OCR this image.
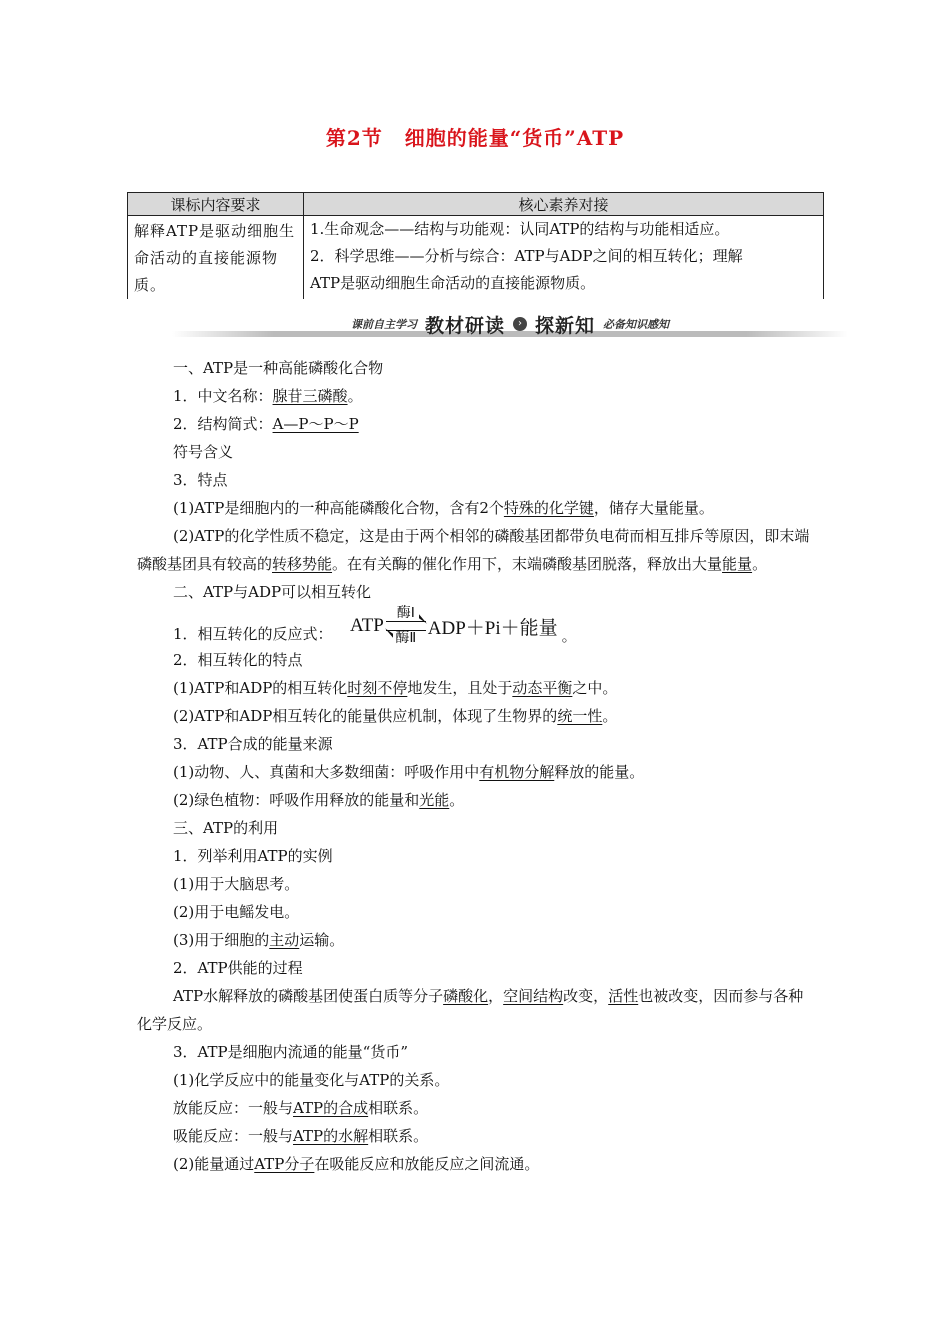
第2节 细胞的能量“货币”ATP
课标内容要求	核心素养对接
解释ATP是驱动细胞生命活动的直接能源物质。	1.生命观念——结构与功能观：认同ATP的结构与功能相适应。
2．科学思维——分析与综合：ATP与ADP之间的相互转化；理解
ATP是驱动细胞生命活动的直接能源物质。
课前自主学习 教材研读	› 探新知 必备知识感知

一、ATP是一种高能磷酸化合物

1．中文名称：腺苷三磷酸。

2．结构简式：A—P～P～P

符号含义

3．特点

(1)ATP是细胞内的一种高能磷酸化合物，含有2个特殊的化学键，储存大量能量。

(2)ATP的化学性质不稳定，这是由于两个相邻的磷酸基团都带负电荷而相互排斥等原因，即末端磷酸基团具有较高的转移势能。在有关酶的催化作用下，末端磷酸基团脱落，释放出大量能量。

二、ATP与ADP可以相互转化

1．相互转化的反应式： ATP
酶Ⅰ
酶Ⅱ ADP＋Pi＋能量 。

2．相互转化的特点

(1)ATP和ADP的相互转化时刻不停地发生，且处于动态平衡之中。

(2)ATP和ADP相互转化的能量供应机制，体现了生物界的统一性。

3．ATP合成的能量来源

(1)动物、人、真菌和大多数细菌：呼吸作用中有机物分解释放的能量。

(2)绿色植物：呼吸作用释放的能量和光能。

三、ATP的利用

1．列举利用ATP的实例

(1)用于大脑思考。

(2)用于电鳐发电。

(3)用于细胞的主动运输。

2．ATP供能的过程

ATP水解释放的磷酸基团使蛋白质等分子磷酸化，空间结构改变，活性也被改变，因而参与各种化学反应。

3．ATP是细胞内流通的能量“货币”

(1)化学反应中的能量变化与ATP的关系。

放能反应：一般与ATP的合成相联系。

吸能反应：一般与ATP的水解相联系。

(2)能量通过ATP分子在吸能反应和放能反应之间流通。
